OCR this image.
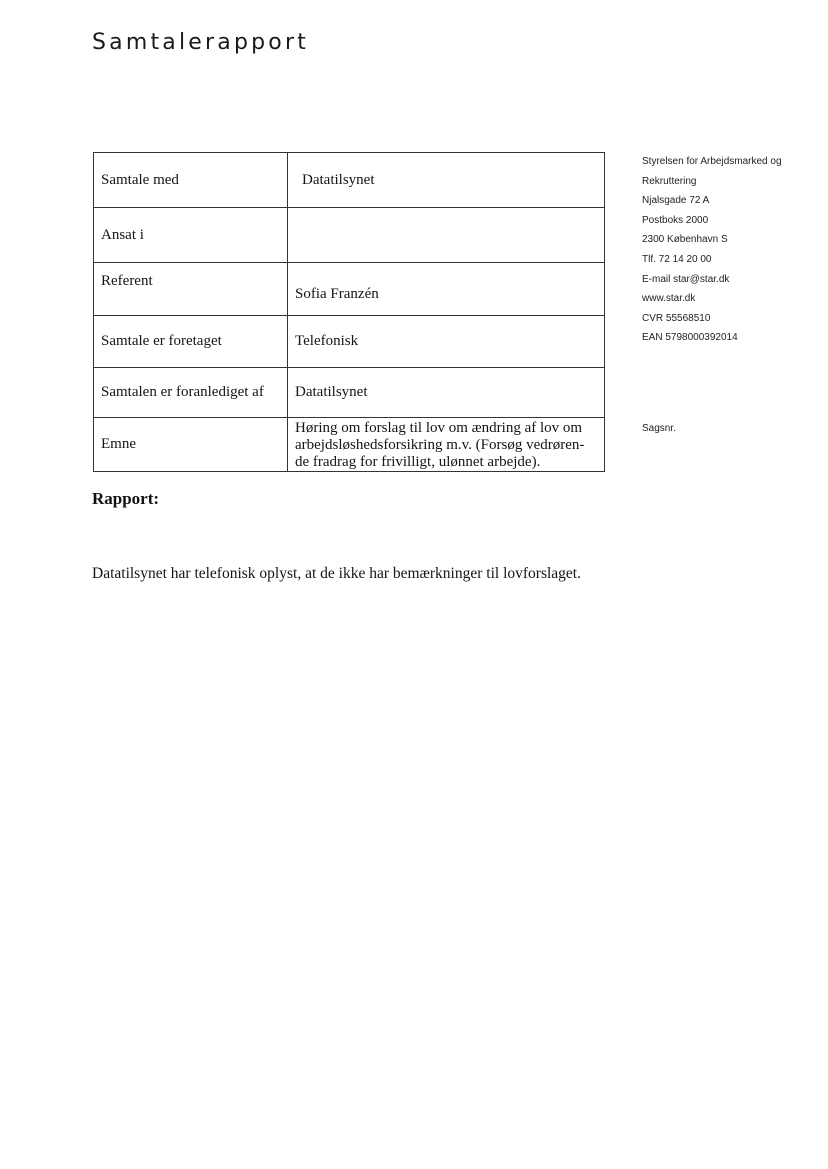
Samtalerapport
Samtale med	Datatilsynet
Ansat i	
Referent	Sofia Franzén
Samtale er foretaget	Telefonisk
Samtalen er foranlediget af	Datatilsynet
Emne	Høring om forslag til lov om ændring af lov om
arbejdsløshedsforsikring m.v. (Forsøg vedrøren-
de fradrag for frivilligt, ulønnet arbejde).
Styrelsen for Arbejdsmarked og
Rekruttering
Njalsgade 72 A
Postboks 2000
2300 København S
Tlf. 72 14 20 00
E-mail star@star.dk
www.star.dk
CVR 55568510
EAN 5798000392014
Sagsnr.
Rapport:
Datatilsynet har telefonisk oplyst, at de ikke har bemærkninger til lovforslaget.
